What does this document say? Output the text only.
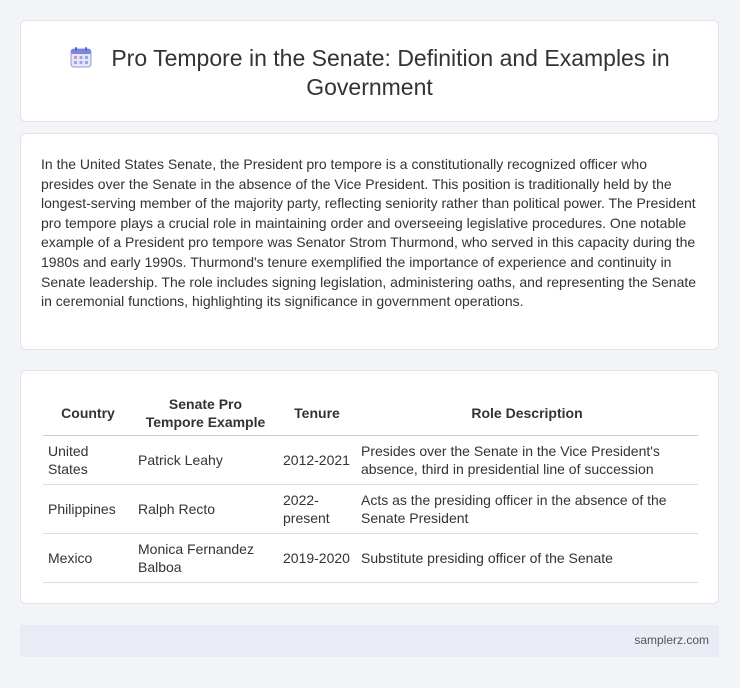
Pro Tempore in the Senate: Definition and Examples in Government

In the United States Senate, the President pro tempore is a constitutionally recognized officer who presides over the Senate in the absence of the Vice President. This position is traditionally held by the longest-serving member of the majority party, reflecting seniority rather than political power. The President pro tempore plays a crucial role in maintaining order and overseeing legislative procedures. One notable example of a President pro tempore was Senator Strom Thurmond, who served in this capacity during the 1980s and early 1990s. Thurmond's tenure exemplified the importance of experience and continuity in Senate leadership. The role includes signing legislation, administering oaths, and representing the Senate in ceremonial functions, highlighting its significance in government operations.

Country	Senate Pro Tempore Example	Tenure	Role Description
United States	Patrick Leahy	2012-2021	Presides over the Senate in the Vice President's absence, third in presidential line of succession
Philippines	Ralph Recto	2022-present	Acts as the presiding officer in the absence of the Senate President
Mexico	Monica Fernandez Balboa	2019-2020	Substitute presiding officer of the Senate
samplerz.com
